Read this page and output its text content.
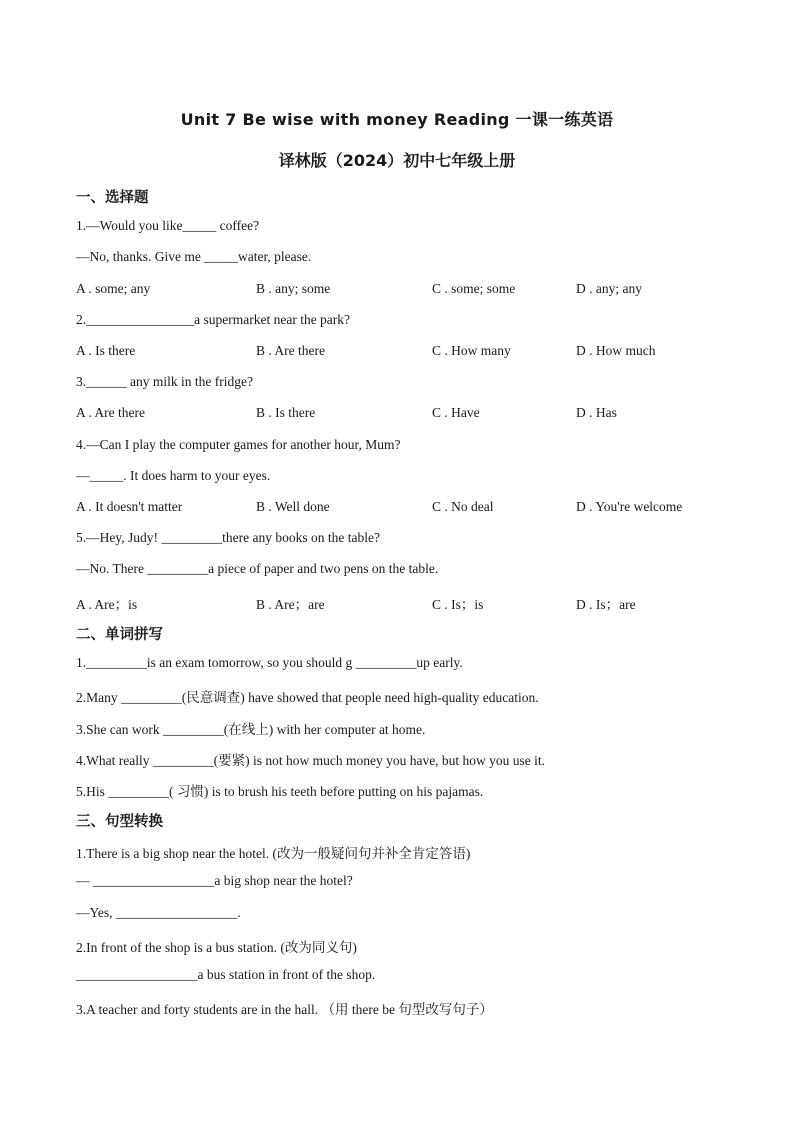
Unit 7 Be wise with money Reading 一课一练英语
译林版（2024）初中七年级上册
一、选择题
1.—Would you like_____ coffee?
—No, thanks. Give me _____water, please.
A . some; any	B . any; some	C . some; some	D . any; any
2.________________a supermarket near the park?
A . Is there	B . Are there	C . How many	D . How much
3.______ any milk in the fridge?
A . Are there	B . Is there	C . Have	D . Has
4.—Can I play the computer games for another hour, Mum?
—_____. It does harm to your eyes.
A . It doesn't matter	B . Well done	C . No deal	D . You're welcome
5.—Hey, Judy! _________there any books on the table?
—No. There _________a piece of paper and two pens on the table.
A . Are；is	B . Are；are	C . Is；is	D . Is；are
二、单词拼写
1._________is an exam tomorrow, so you should g _________up early.
2.Many _________(民意调查) have showed that people need high-quality education.
3.She can work _________(在线上) with her computer at home.
4.What really _________(要紧) is not how much money you have, but how you use it.
5.His _________( 习惯) is to brush his teeth before putting on his pajamas.
三、句型转换
1.There is a big shop near the hotel. (改为一般疑问句并补全肯定答语)
— __________________a big shop near the hotel?
—Yes, __________________.
2.In front of the shop is a bus station. (改为同义句)
__________________a bus station in front of the shop.
3.A teacher and forty students are in the hall. （用 there be 句型改写句子）
